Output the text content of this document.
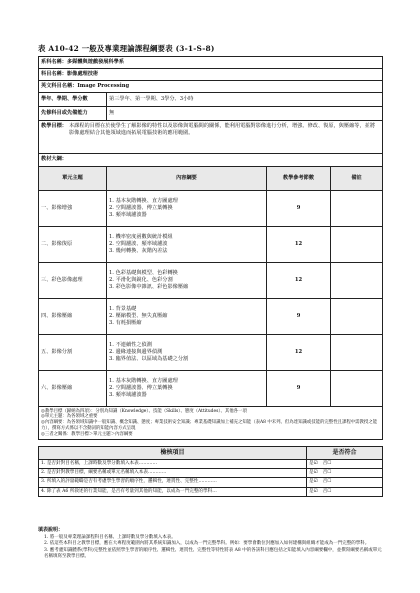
表 A10-42 一般及專業理論課程綱要表 (3-1-S-8)
系科名稱：多媒體與遊戲發展科學系			
科目名稱：影像處理技術			
英文科目名稱：Image Processing			
學年、學期、學分數	第三學年、第一學期、3學分、3小時		
先修科目或先備能力	無		

教學目標： 本課程的目標在於使學生了解影像的特性以及影像與電腦間的關係，能利用電腦對影像進行分析，增強、修改、復原，與壓縮等，並將影像處理結合其他領域進而拓展電腦技術的應用範圍。			

教材大綱：			
單元主題	內容綱要	教學參考節數	備註
一、影像增強	1. 基本灰階轉換、直方圖處理
2. 空間濾波器、傅立葉轉換
3. 頻率域濾波器	9	
二、影像復原	1. 機率密度函數與統計模組
2. 空間濾波、頻率域濾波
3. 幾何轉換、灰階內差法	12	
三、彩色影像處理	1. 色彩基礎與模型、色彩轉換
2. 平滑化與銳化、色彩分割
3. 彩色影像中雜訊、彩色影像壓縮	12	
四、影像壓縮	1. 背景基礎
2. 壓縮模型、無失真壓縮
3. 有耗損壓縮	9	
五、影像分割	1. 不連續性之偵測
2. 邊緣連接與邊界偵測
3. 臨界值法、以區域為基礎之分割	12	
六、影像壓縮	1. 基本灰階轉換、直方圖處理
2. 空間濾波器、傅立葉轉換
3. 頻率域濾波器	9	

◎教學目標（歸納為四項）：分別為知識（Knowledge）、技能（Skills）、態度（Attitudes）、其他各一項
◎單元主題：為各領域之重要
◎內容綱要：為各領域知識中一般知識、概念知識、態度；專業技術安全知識；專業基礎知識加上補充之知能（表A8 中未列、但為達知識或技能的完整性且課程中需教授之能力），撰寫方式係以不含動詞的知能內容方式呈現
◎三者之關係：教學目標＞單元主題＞內容綱要			
檢核項目	是否符合
1. 是否針對目名稱，上課時數及學分數填入本表…………	是☑ 否☐
2. 是否針對教學目標，綱要名稱或單元名稱填入本表…………	是☑ 否☐
3. 所填入的評量範疇是否有考慮學生學習的順序性，邏輯性，連貫性、完整性…………	是☑ 否☐
4. 除了表 A6 所敘述的行業知能，是否有考量到其他的知能，以成為一門完整的學科…	是☑ 否☐
填表說明：
1. 將一般及專業理論課程科目名稱、上課時數及學分數填入本表。
2. 依這些本科目之教學目標，應在大專程度範圍內將其系統知識加入，以成為一門完整學科。例如：要學會數位封應加入如何建構與組織才能成為一門完整的學科。
3. 應考慮知識體系(學科)完整性並依照學生學習的順序性、邏輯性、連貫性、完整性等特性將表 A8 中的各該科目應包括之知能填入內容綱要欄中，並撰寫綱要名稱或單元名稱填寫至教學目標。
